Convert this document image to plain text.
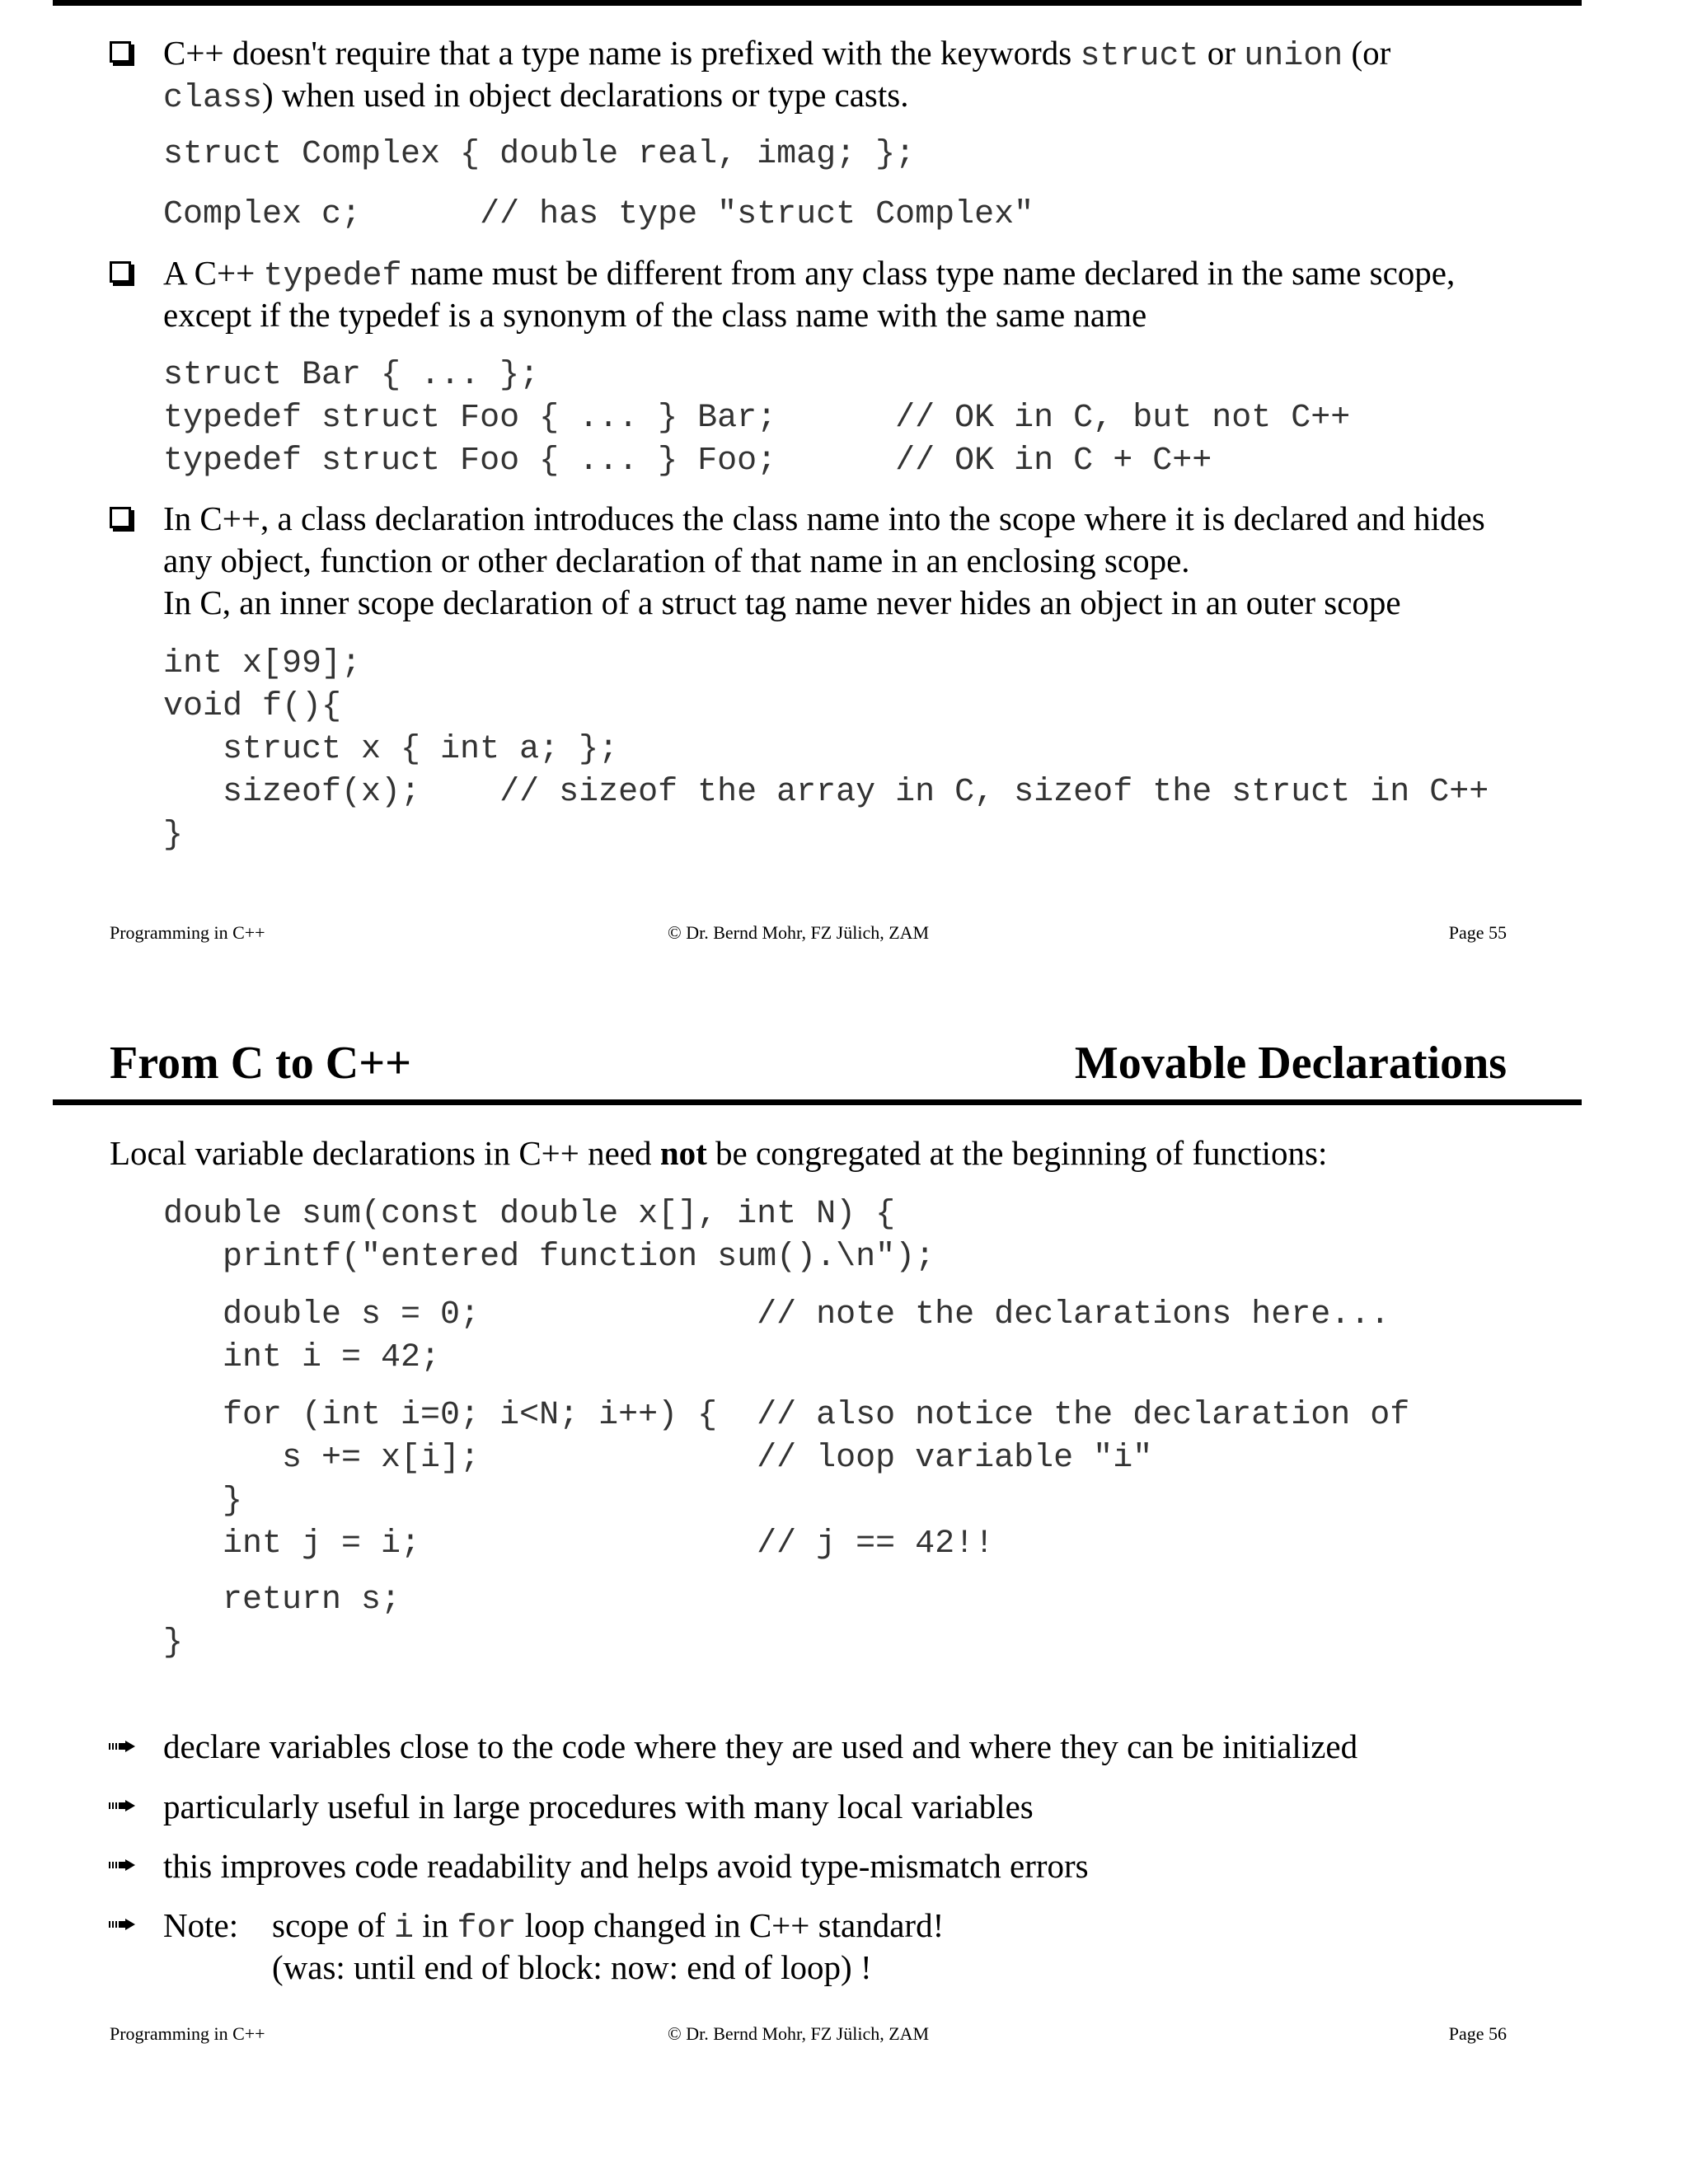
C++ doesn't require that a type name is prefixed with the keywords struct or union (or
class) when used in object declarations or type casts.
struct Complex { double real, imag; };
Complex c;      // has type "struct Complex"
A C++ typedef name must be different from any class type name declared in the same scope,
except if the typedef is a synonym of the class name with the same name
struct Bar { ... };
typedef struct Foo { ... } Bar;      // OK in C, but not C++
typedef struct Foo { ... } Foo;      // OK in C + C++
In C++, a class declaration introduces the class name into the scope where it is declared and hides
any object, function or other declaration of that name in an enclosing scope.
In C, an inner scope declaration of a struct tag name never hides an object in an outer scope
int x[99];
void f(){
struct x { int a; };
sizeof(x);    // sizeof the array in C, sizeof the struct in C++
}
Programming in C++	© Dr. Bernd Mohr, FZ Jülich, ZAM	Page 55
From C to C++	Movable Declarations
Local variable declarations in C++ need not be congregated at the beginning of functions:
double sum(const double x[], int N) {
printf("entered function sum().\n");
double s = 0;              // note the declarations here...
int i = 42;
for (int i=0; i<N; i++) {  // also notice the declaration of
s += x[i];              // loop variable "i"
}
int j = i;                 // j == 42!!
return s;
}
declare variables close to the code where they are used and where they can be initialized
particularly useful in large procedures with many local variables
this improves code readability and helps avoid type-mismatch errors
Note: scope of i in for loop changed in C++ standard!
(was: until end of block: now: end of loop) !
Programming in C++	© Dr. Bernd Mohr, FZ Jülich, ZAM	Page 56
